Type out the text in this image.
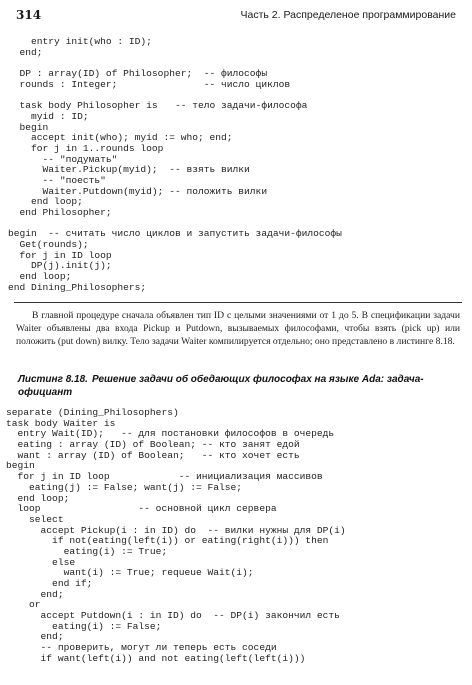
314	Часть 2. Распределеное программирование
entry init(who : ID);
end;
DP : array(ID) of Philosopher;  -- философы
rounds : Integer;               -- число циклов
task body Philosopher is   -- тело задачи-философа
myid : ID;
begin
accept init(who); myid := who; end;
for j in 1..rounds loop
-- "подумать"
Waiter.Pickup(myid);  -- взять вилки
-- "поесть"
Waiter.Putdown(myid); -- положить вилки
end loop;
end Philosopher;
begin  -- считать число циклов и запустить задачи-философы
Get(rounds);
for j in ID loop
DP(j).init(j);
end loop;
end Dining_Philosophers;

В главной процедуре сначала объявлен тип ID с целыми значениями от 1 до 5. В спецификации задачи Waiter объявлены два входа Pickup и Putdown, вызываемых философами, чтобы взять (pick up) или положить (put down) вилку. Тело задачи Waiter компилируется отдельно; оно представлено в листинге 8.18.

Листинг 8.18. Решение задачи об обедающих философах на языке Ada: задача-официант

separate (Dining_Philosophers)
task body Waiter is
entry Wait(ID);   -- для постановки философов в очередь
eating : array (ID) of Boolean; -- кто занят едой
want : array (ID) of Boolean;   -- кто хочет есть
begin
for j in ID loop            -- инициализация массивов
eating(j) := False; want(j) := False;
end loop;
loop                 -- основной цикл сервера
select
accept Pickup(i : in ID) do  -- вилки нужны для DP(i)
if not(eating(left(i)) or eating(right(i))) then
eating(i) := True;
else
want(i) := True; requeue Wait(i);
end if;
end;
or
accept Putdown(i : in ID) do  -- DP(i) закончил есть
eating(i) := False;
end;
-- проверить, могут ли теперь есть соседи
if want(left(i)) and not eating(left(left(i)))
